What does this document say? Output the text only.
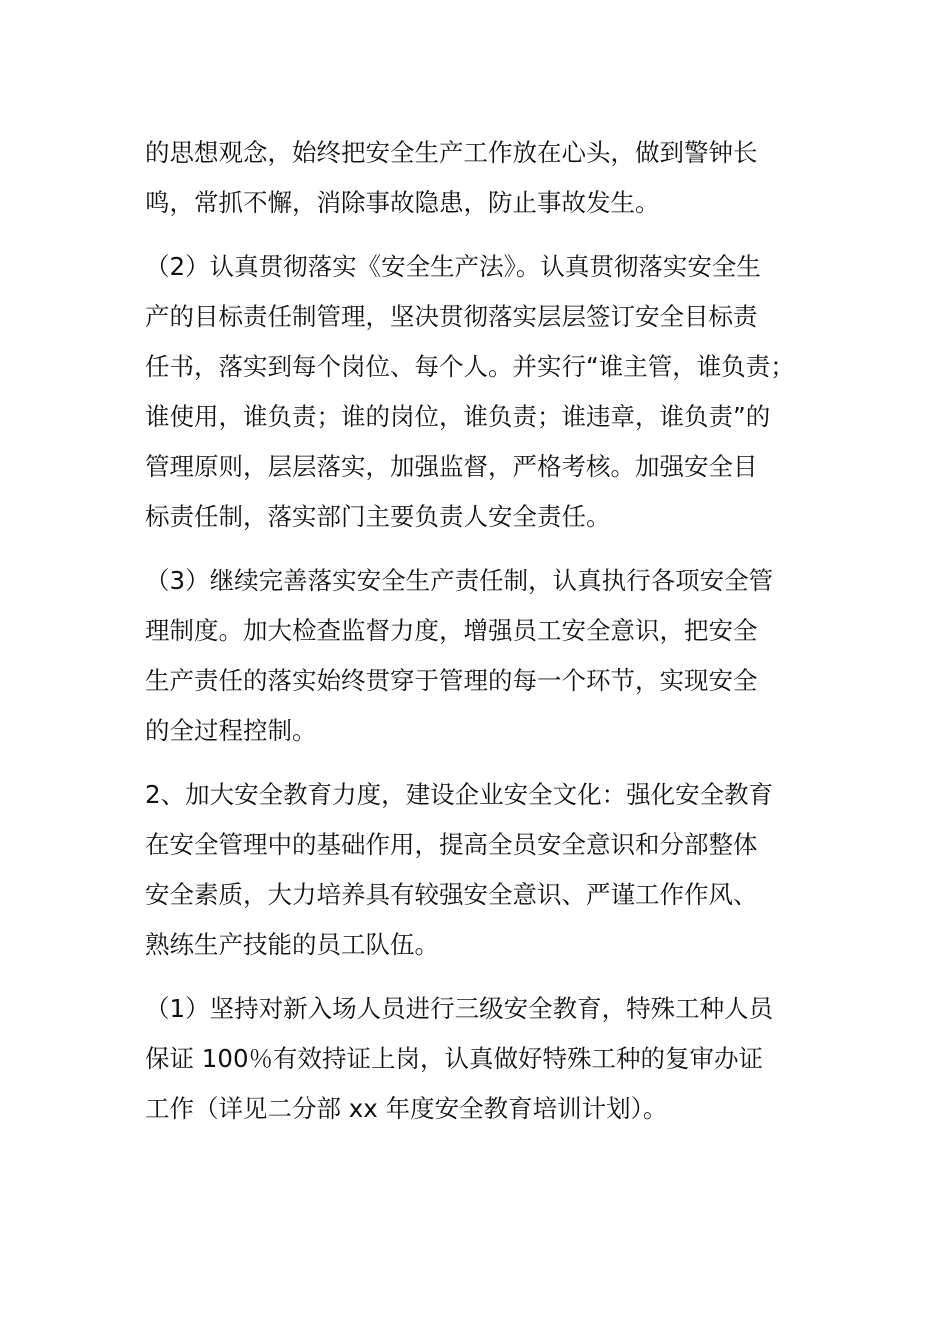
的思想观念，始终把安全生产工作放在心头，做到警钟长
鸣，常抓不懈，消除事故隐患，防止事故发生。

（2）认真贯彻落实《安全生产法》。认真贯彻落实安全生
产的目标责任制管理，坚决贯彻落实层层签订安全目标责
任书，落实到每个岗位、每个人。并实行“谁主管，谁负责；
谁使用，谁负责；谁的岗位，谁负责；谁违章，谁负责”的
管理原则，层层落实，加强监督，严格考核。加强安全目
标责任制，落实部门主要负责人安全责任。

（3）继续完善落实安全生产责任制，认真执行各项安全管
理制度。加大检查监督力度，增强员工安全意识，把安全
生产责任的落实始终贯穿于管理的每一个环节，实现安全
的全过程控制。

2、加大安全教育力度，建设企业安全文化：强化安全教育
在安全管理中的基础作用，提高全员安全意识和分部整体
安全素质，大力培养具有较强安全意识、严谨工作作风、
熟练生产技能的员工队伍。

（1）坚持对新入场人员进行三级安全教育，特殊工种人员
保证 100％有效持证上岗，认真做好特殊工种的复审办证
工作（详见二分部 xx 年度安全教育培训计划）。
